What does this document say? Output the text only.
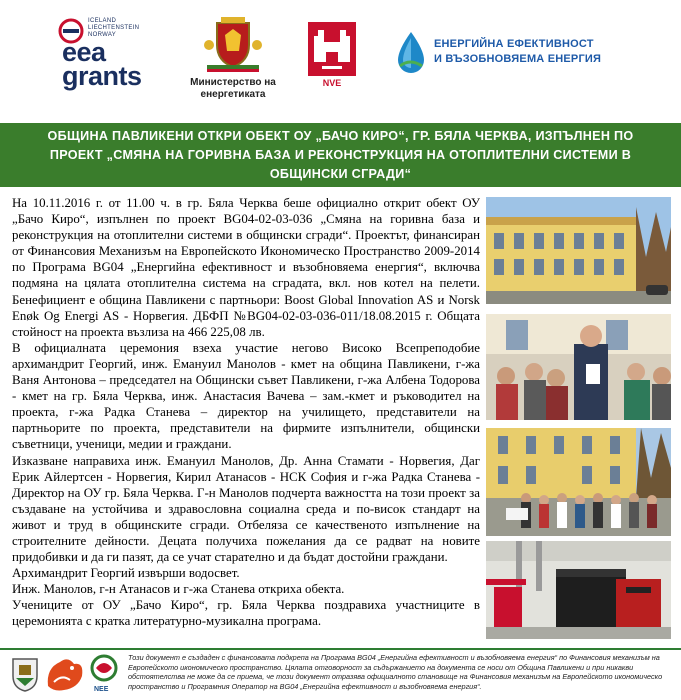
ICELAND
LIECHTENSTEIN
NORWAY
eea
grants	Министерство на
енергетиката
NVE
ЕНЕРГИЙНА ЕФЕКТИВНОСТ
И ВЪЗОБНОВЯЕМА ЕНЕРГИЯ
ОБЩИНА ПАВЛИКЕНИ ОТКРИ ОБЕКТ ОУ „БАЧО КИРО“, ГР. БЯЛА ЧЕРКВА, ИЗПЪЛНЕН ПО ПРОЕКТ „СМЯНА НА ГОРИВНА БАЗА И РЕКОНСТРУКЦИЯ НА ОТОПЛИТЕЛНИ СИСТЕМИ В ОБЩИНСКИ СГРАДИ“

На 10.11.2016 г. от 11.00 ч. в гр. Бяла Черква беше официално открит обект ОУ „Бачо Киро“, изпълнен по проект BG04-02-03-036 „Смяна на горивна база и реконструкция на отоплителни системи в общински сгради“. Проектът, финансиран от Финансовия Механизъм на Европейското Икономическо Пространство 2009-2014 по Програма BG04 „Енергийна ефективност и възобновяема енергия“, включва подмяна на цялата отоплителна система на сградата, вкл. нов котел на пелети. Бенефициент е община Павликени с партньори: Boost Global Innovation AS и Norsk Enøk Og Energi AS - Норвегия. ДБФП №BG04-02-03-036-011/18.08.2015 г. Общата стойност на проекта възлиза на 466 225,08 лв.

В официалната церемония взеха участие негово Високо Всепреподобие архимандрит Георгий, инж. Емануил Манолов - кмет на община Павликени, г-жа Ваня Антонова – председател на Общински съвет Павликени, г-жа Албена Тодорова - кмет на гр. Бяла Черква, инж. Анастасия Вачева – зам.-кмет и ръководител на проекта, г-жа Радка Станева – директор на училището, представители на партньорите по проекта, представители на фирмите изпълнители, общински съветници, ученици, медии и граждани.

Изказване направиха инж. Емануил Манолов, Др. Анна Стамати - Норвегия, Даг Ерик Айлертсен - Норвегия, Кирил Атанасов - НСК София и г-жа Радка Станева - Директор на ОУ гр. Бяла Черква. Г-н Манолов подчерта важността на този проект за създаване на устойчива и здравословна социална среда и по-висок стандарт на живот и труд в общинските сгради. Отбеляза се качественото изпълнение на строителните дейности. Децата получиха пожелания да се радват на новите придобивки и да ги пазят, да се учат старателно и да бъдат достойни граждани.

Архимандрит Георгий извърши водосвет.

Инж. Манолов, г-н Атанасов и г-жа Станева откриха обекта.

Учениците от ОУ „Бачо Киро“, гр. Бяла Черква поздравиха участниците в церемонията с кратка литературно-музикална програма.

NEE
Този документ е създаден с финансовата подкрепа на Програма BG04 „Енергийна ефективност и възобновяема енергия“ по Финансовия механизъм на Европейското икономическо пространство. Цялата отговорност за съдържанието на документа се носи от Община Павликени и при никакви обстоятелства не може да се приема, че този документ отразява официалното становище на Финансовия механизъм на Европейското икономическо пространство и Програмния Оператор на BG04 „Енергийна ефективност и възобновяема енергия“.
